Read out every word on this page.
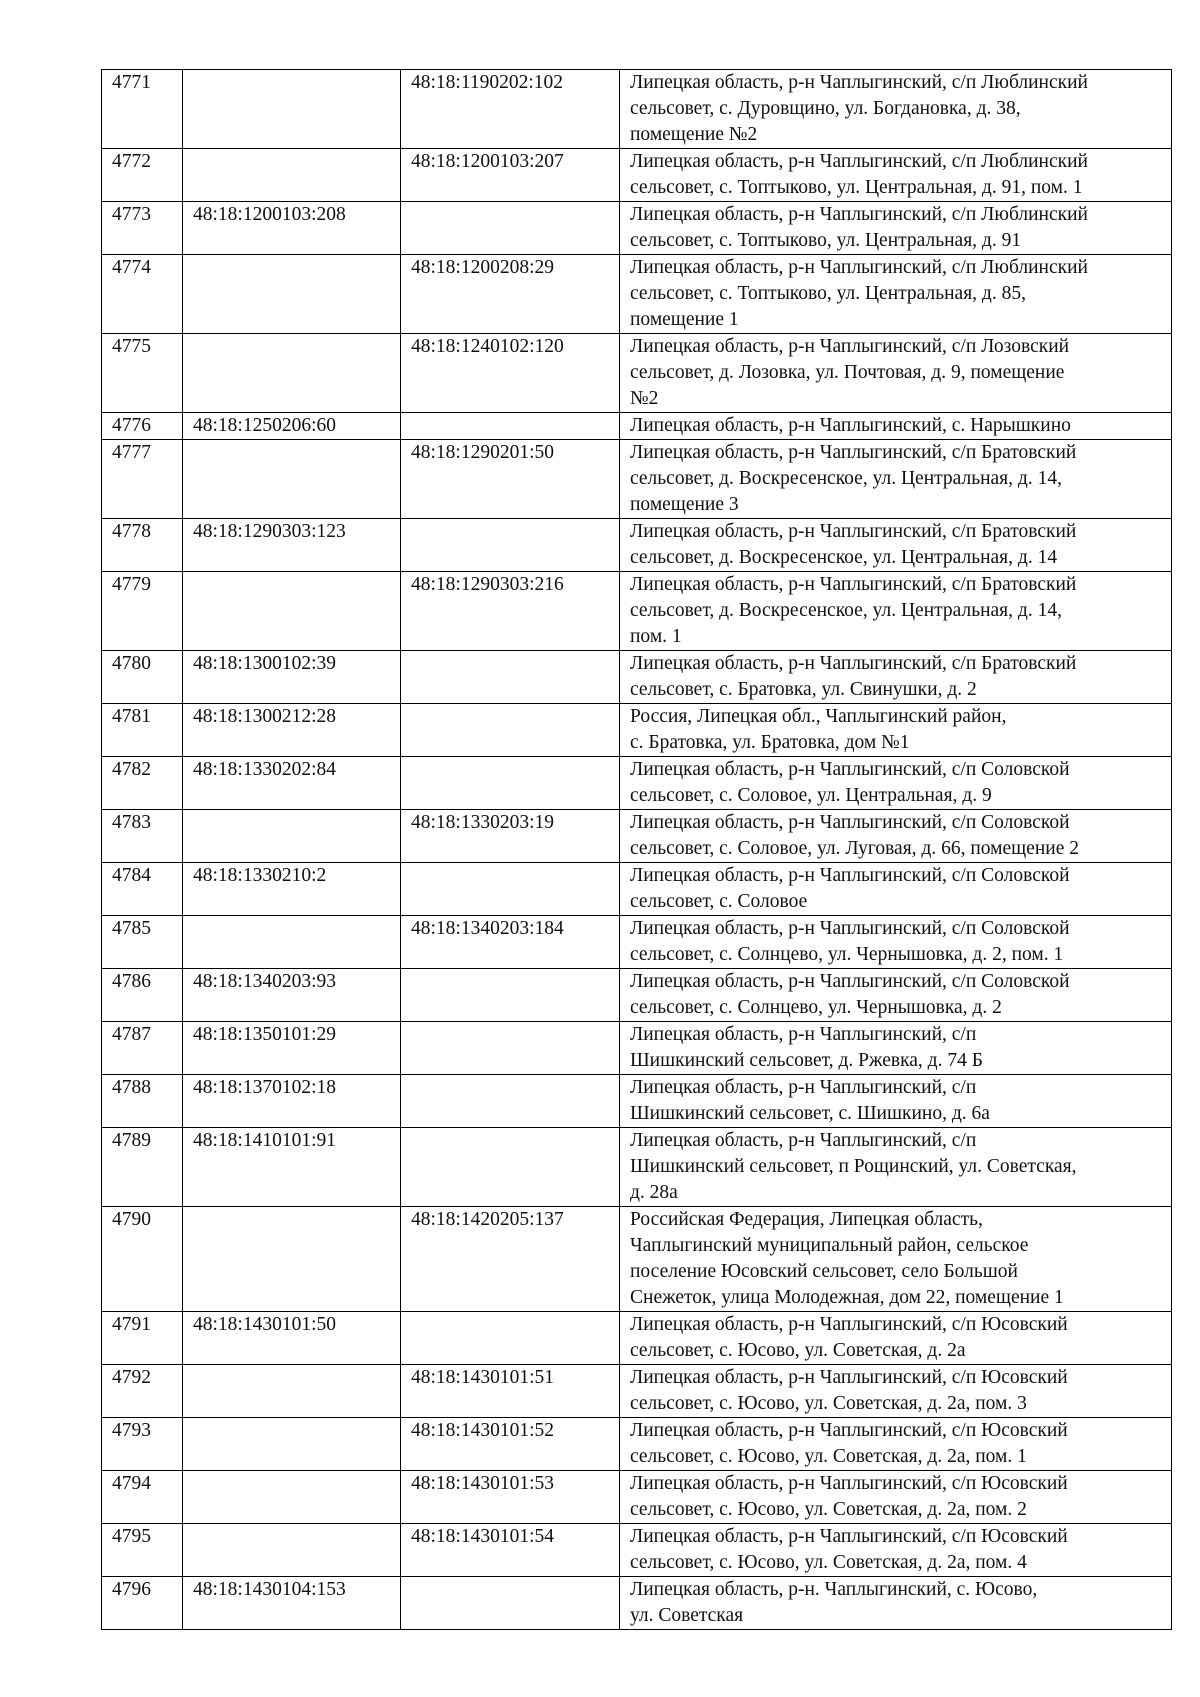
4771		48:18:1190202:102	Липецкая область, р-н Чаплыгинский, с/п Люблинский
сельсовет, с. Дуровщино, ул. Богдановка, д. 38,
помещение №2
4772		48:18:1200103:207	Липецкая область, р-н Чаплыгинский, с/п Люблинский
сельсовет, с. Топтыково, ул. Центральная, д. 91, пом. 1
4773	48:18:1200103:208		Липецкая область, р-н Чаплыгинский, с/п Люблинский
сельсовет, с. Топтыково, ул. Центральная, д. 91
4774		48:18:1200208:29	Липецкая область, р-н Чаплыгинский, с/п Люблинский
сельсовет, с. Топтыково, ул. Центральная, д. 85,
помещение 1
4775		48:18:1240102:120	Липецкая область, р-н Чаплыгинский, с/п Лозовский
сельсовет, д. Лозовка, ул. Почтовая, д. 9, помещение
№2
4776	48:18:1250206:60		Липецкая область, р-н Чаплыгинский, с. Нарышкино
4777		48:18:1290201:50	Липецкая область, р-н Чаплыгинский, с/п Братовский
сельсовет, д. Воскресенское, ул. Центральная, д. 14,
помещение 3
4778	48:18:1290303:123		Липецкая область, р-н Чаплыгинский, с/п Братовский
сельсовет, д. Воскресенское, ул. Центральная, д. 14
4779		48:18:1290303:216	Липецкая область, р-н Чаплыгинский, с/п Братовский
сельсовет, д. Воскресенское, ул. Центральная, д. 14,
пом. 1
4780	48:18:1300102:39		Липецкая область, р-н Чаплыгинский, с/п Братовский
сельсовет, с. Братовка, ул. Свинушки, д. 2
4781	48:18:1300212:28		Россия, Липецкая обл., Чаплыгинский район,
с. Братовка, ул. Братовка, дом №1
4782	48:18:1330202:84		Липецкая область, р-н Чаплыгинский, с/п Соловской
сельсовет, с. Соловое, ул. Центральная, д. 9
4783		48:18:1330203:19	Липецкая область, р-н Чаплыгинский, с/п Соловской
сельсовет, с. Соловое, ул. Луговая, д. 66, помещение 2
4784	48:18:1330210:2		Липецкая область, р-н Чаплыгинский, с/п Соловской
сельсовет, с. Соловое
4785		48:18:1340203:184	Липецкая область, р-н Чаплыгинский, с/п Соловской
сельсовет, с. Солнцево, ул. Чернышовка, д. 2, пом. 1
4786	48:18:1340203:93		Липецкая область, р-н Чаплыгинский, с/п Соловской
сельсовет, с. Солнцево, ул. Чернышовка, д. 2
4787	48:18:1350101:29		Липецкая область, р-н Чаплыгинский, с/п
Шишкинский сельсовет, д. Ржевка, д. 74 Б
4788	48:18:1370102:18		Липецкая область, р-н Чаплыгинский, с/п
Шишкинский сельсовет, с. Шишкино, д. 6а
4789	48:18:1410101:91		Липецкая область, р-н Чаплыгинский, с/п
Шишкинский сельсовет, п Рощинский, ул. Советская,
д. 28а
4790		48:18:1420205:137	Российская Федерация, Липецкая область,
Чаплыгинский муниципальный район, сельское
поселение Юсовский сельсовет, село Большой
Снежеток, улица Молодежная, дом 22, помещение 1
4791	48:18:1430101:50		Липецкая область, р-н Чаплыгинский, с/п Юсовский
сельсовет, с. Юсово, ул. Советская, д. 2а
4792		48:18:1430101:51	Липецкая область, р-н Чаплыгинский, с/п Юсовский
сельсовет, с. Юсово, ул. Советская, д. 2а, пом. 3
4793		48:18:1430101:52	Липецкая область, р-н Чаплыгинский, с/п Юсовский
сельсовет, с. Юсово, ул. Советская, д. 2а, пом. 1
4794		48:18:1430101:53	Липецкая область, р-н Чаплыгинский, с/п Юсовский
сельсовет, с. Юсово, ул. Советская, д. 2а, пом. 2
4795		48:18:1430101:54	Липецкая область, р-н Чаплыгинский, с/п Юсовский
сельсовет, с. Юсово, ул. Советская, д. 2а, пом. 4
4796	48:18:1430104:153		Липецкая область, р-н. Чаплыгинский, с. Юсово,
ул. Советская
